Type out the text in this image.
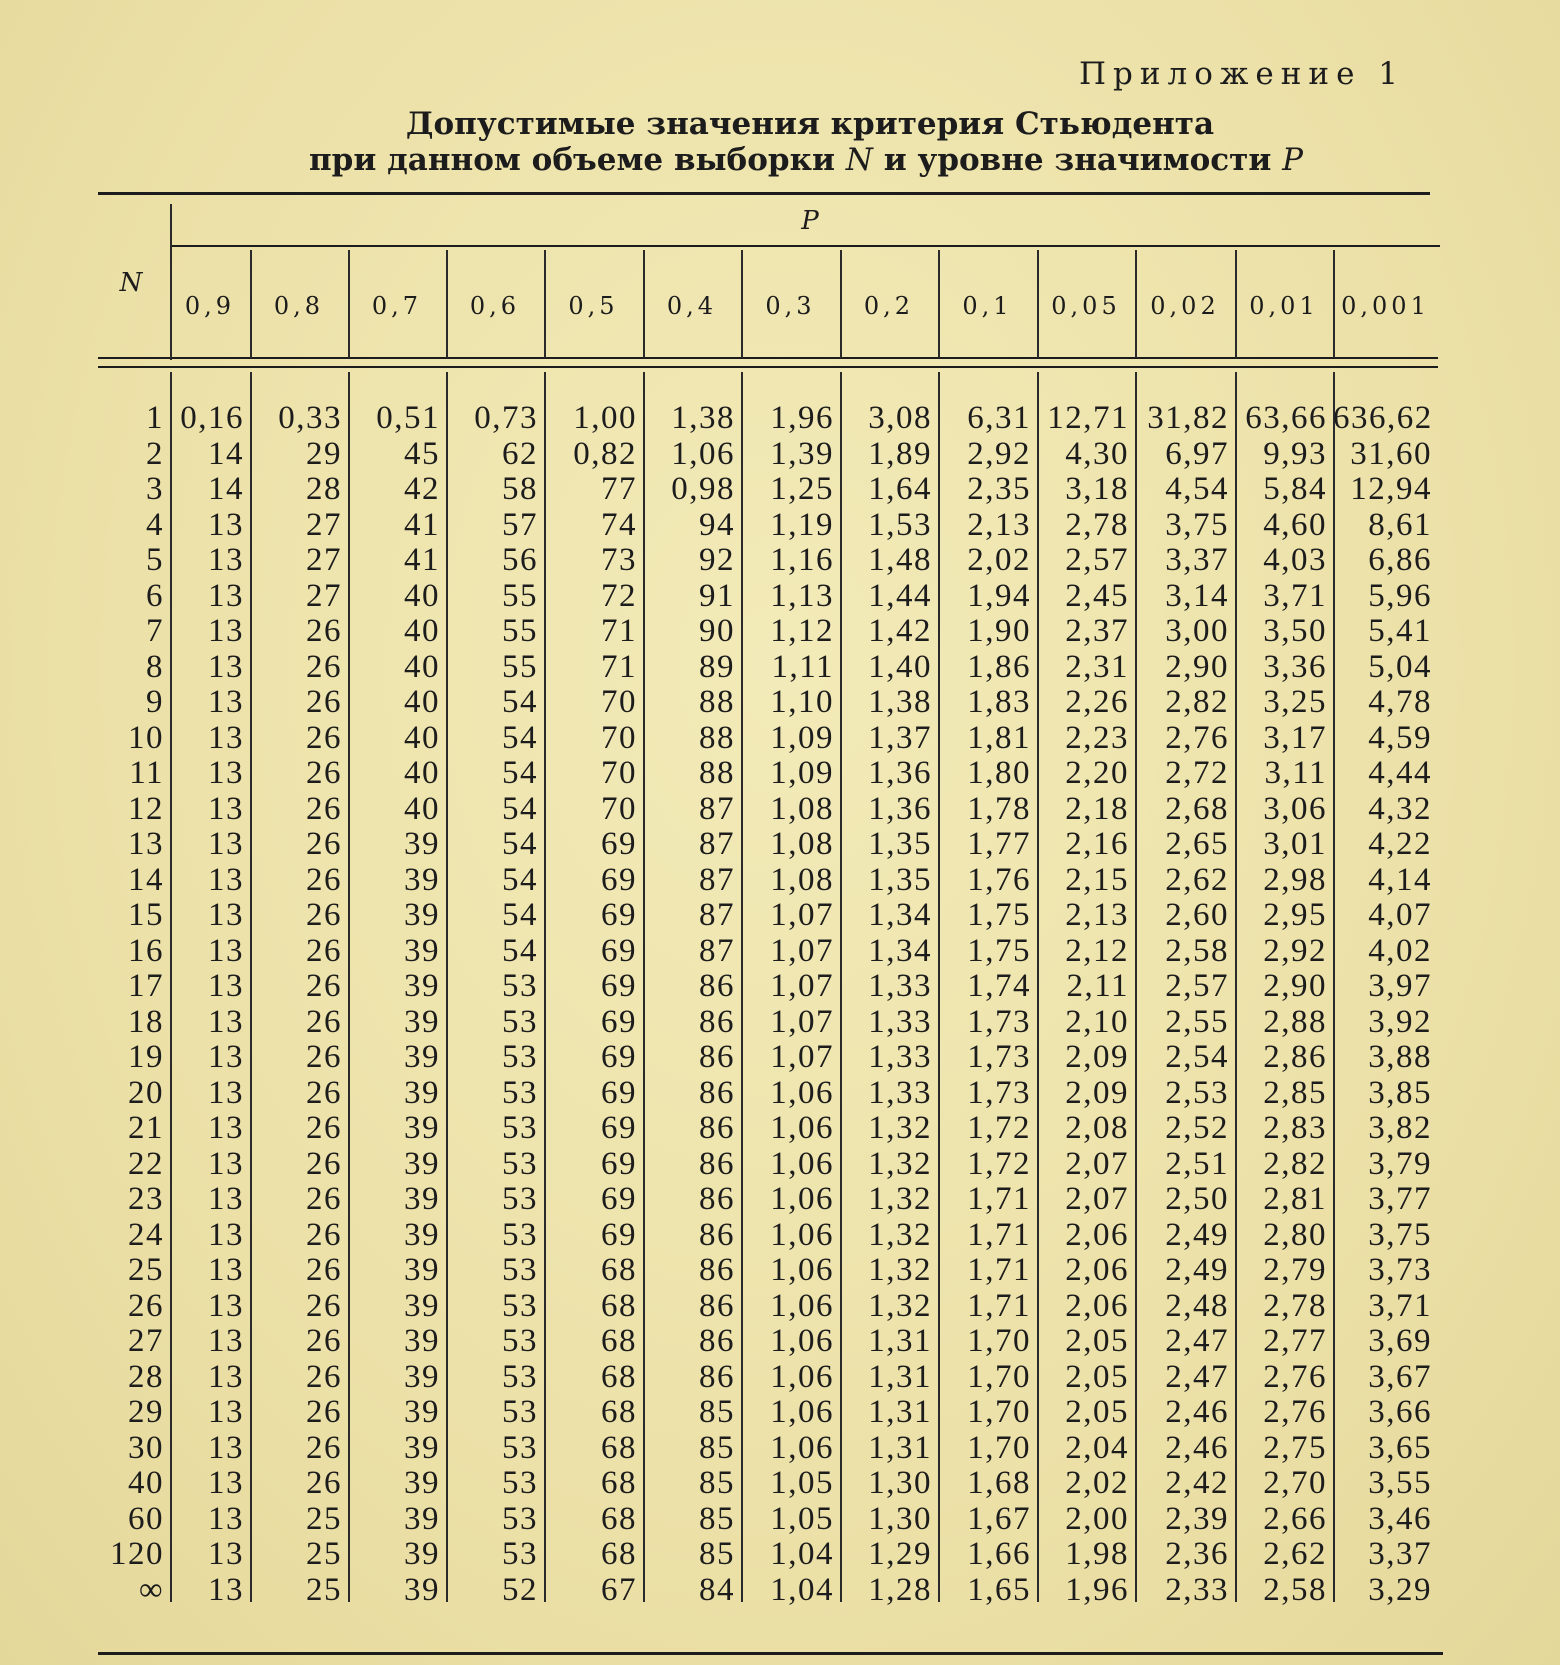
Приложение 1
Допустимые значения критерия Стьюдента
при данном объеме выборки N и уровне значимости P
N
P
0,9	0,8	0,7	0,6	0,5	0,4	0,3	0,2	0,1	0,05	0,02	0,01 0,001
1 0,16	0,33	0,51	0,73	1,00	1,38	1,96	3,08	6,31 12,71 31,82 63,66 636,62
2	14	29	45	62	0,82	1,06	1,39	1,89	2,92	4,30	6,97	9,93 31,60
3	14	28	42	58	77	0,98	1,25	1,64	2,35	3,18	4,54	5,84 12,94
4	13	27	41	57	74	94	1,19	1,53	2,13	2,78	3,75	4,60	8,61
5	13	27	41	56	73	92	1,16	1,48	2,02	2,57	3,37	4,03	6,86
6	13	27	40	55	72	91	1,13	1,44	1,94	2,45	3,14	3,71	5,96
7	13	26	40	55	71	90	1,12	1,42	1,90	2,37	3,00	3,50	5,41
8	13	26	40	55	71	89	1,11	1,40	1,86	2,31	2,90	3,36	5,04
9	13	26	40	54	70	88	1,10	1,38	1,83	2,26	2,82	3,25	4,78
10	13	26	40	54	70	88	1,09	1,37	1,81	2,23	2,76	3,17	4,59
11	13	26	40	54	70	88	1,09	1,36	1,80	2,20	2,72	3,11	4,44
12	13	26	40	54	70	87	1,08	1,36	1,78	2,18	2,68	3,06	4,32
13	13	26	39	54	69	87	1,08	1,35	1,77	2,16	2,65	3,01	4,22
14	13	26	39	54	69	87	1,08	1,35	1,76	2,15	2,62	2,98	4,14
15	13	26	39	54	69	87	1,07	1,34	1,75	2,13	2,60	2,95	4,07
16	13	26	39	54	69	87	1,07	1,34	1,75	2,12	2,58	2,92	4,02
17	13	26	39	53	69	86	1,07	1,33	1,74	2,11	2,57	2,90	3,97
18	13	26	39	53	69	86	1,07	1,33	1,73	2,10	2,55	2,88	3,92
19	13	26	39	53	69	86	1,07	1,33	1,73	2,09	2,54	2,86	3,88
20	13	26	39	53	69	86	1,06	1,33	1,73	2,09	2,53	2,85	3,85
21	13	26	39	53	69	86	1,06	1,32	1,72	2,08	2,52	2,83	3,82
22	13	26	39	53	69	86	1,06	1,32	1,72	2,07	2,51	2,82	3,79
23	13	26	39	53	69	86	1,06	1,32	1,71	2,07	2,50	2,81	3,77
24	13	26	39	53	69	86	1,06	1,32	1,71	2,06	2,49	2,80	3,75
25	13	26	39	53	68	86	1,06	1,32	1,71	2,06	2,49	2,79	3,73
26	13	26	39	53	68	86	1,06	1,32	1,71	2,06	2,48	2,78	3,71
27	13	26	39	53	68	86	1,06	1,31	1,70	2,05	2,47	2,77	3,69
28	13	26	39	53	68	86	1,06	1,31	1,70	2,05	2,47	2,76	3,67
29	13	26	39	53	68	85	1,06	1,31	1,70	2,05	2,46	2,76	3,66
30	13	26	39	53	68	85	1,06	1,31	1,70	2,04	2,46	2,75	3,65
40	13	26	39	53	68	85	1,05	1,30	1,68	2,02	2,42	2,70	3,55
60	13	25	39	53	68	85	1,05	1,30	1,67	2,00	2,39	2,66	3,46
120	13	25	39	53	68	85	1,04	1,29	1,66	1,98	2,36	2,62	3,37
∞	13	25	39	52	67	84	1,04	1,28	1,65	1,96	2,33	2,58	3,29
